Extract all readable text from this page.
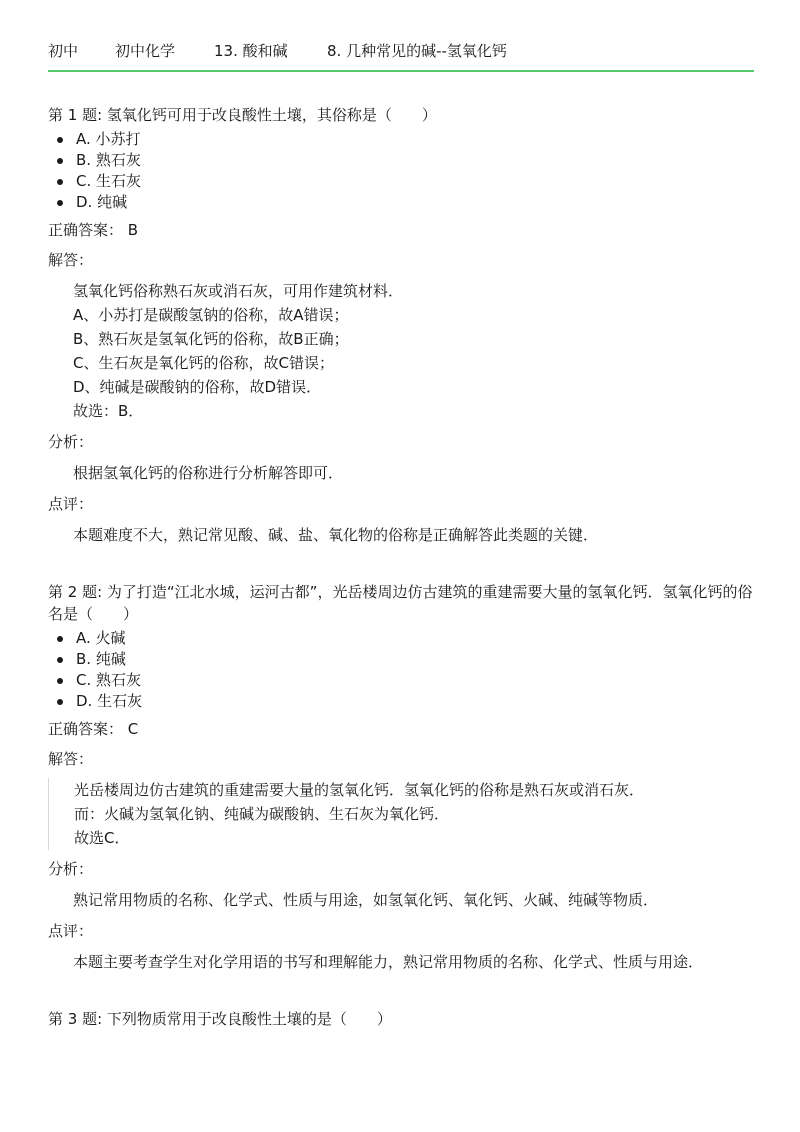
初中 初中化学	13. 酸和碱	8. 几种常见的碱--氢氧化钙

第 1 题: 氢氧化钙可用于改良酸性土壤，其俗称是（　　）

A. 小苏打
B. 熟石灰
C. 生石灰
D. 纯碱

正确答案： B

解答：

氢氧化钙俗称熟石灰或消石灰，可用作建筑材料．

A、小苏打是碳酸氢钠的俗称，故A错误；

B、熟石灰是氢氧化钙的俗称，故B正确；

C、生石灰是氧化钙的俗称，故C错误；

D、纯碱是碳酸钠的俗称，故D错误．

故选：B．

分析：

根据氢氧化钙的俗称进行分析解答即可．

点评：

本题难度不大，熟记常见酸、碱、盐、氧化物的俗称是正确解答此类题的关键．

第 2 题: 为了打造“江北水城，运河古都”，光岳楼周边仿古建筑的重建需要大量的氢氧化钙．氢氧化钙的俗名是（　　）

A. 火碱
B. 纯碱
C. 熟石灰
D. 生石灰

正确答案： C

解答：

光岳楼周边仿古建筑的重建需要大量的氢氧化钙．氢氧化钙的俗称是熟石灰或消石灰．

而：火碱为氢氧化钠、纯碱为碳酸钠、生石灰为氧化钙．

故选C．

分析：

熟记常用物质的名称、化学式、性质与用途，如氢氧化钙、氧化钙、火碱、纯碱等物质．

点评：

本题主要考查学生对化学用语的书写和理解能力，熟记常用物质的名称、化学式、性质与用途．

第 3 题: 下列物质常用于改良酸性土壤的是（　　）
